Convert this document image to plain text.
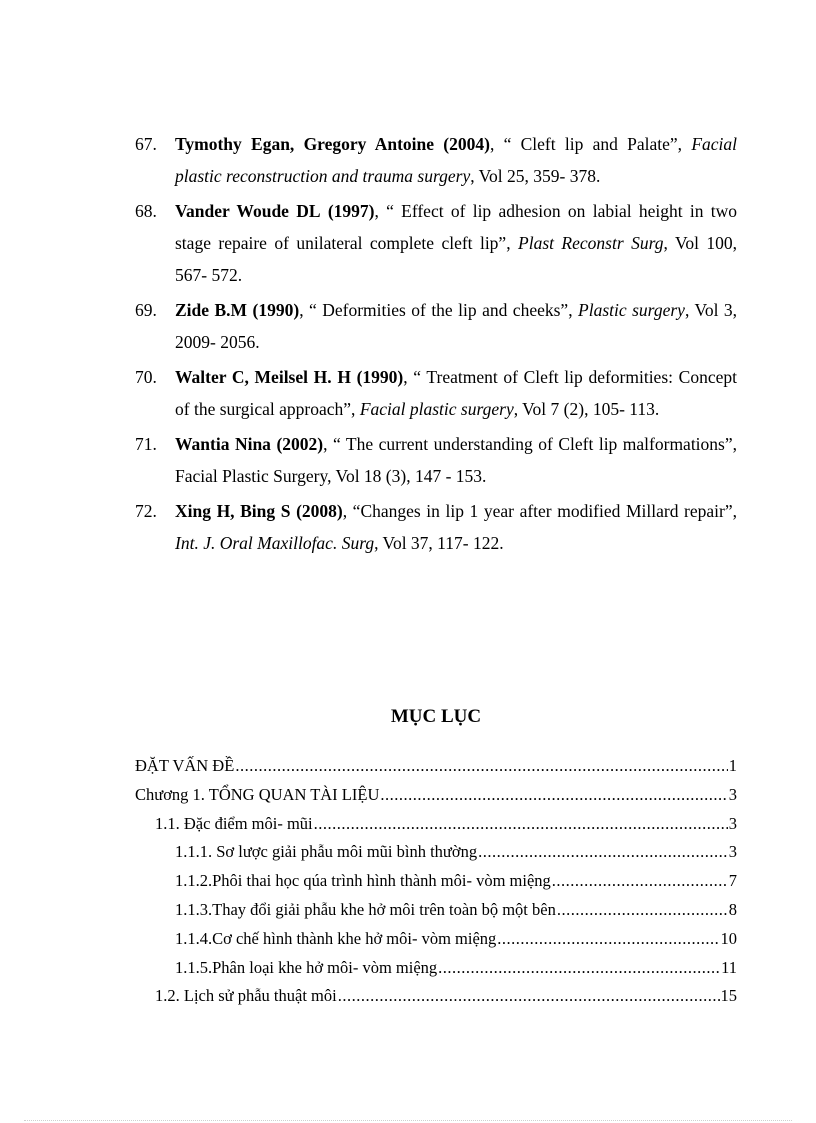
67. Tymothy Egan, Gregory Antoine (2004), “ Cleft lip and Palate”, Facial plastic reconstruction and trauma surgery, Vol 25, 359- 378.
68. Vander Woude DL (1997), “ Effect of lip adhesion on labial height in two stage repaire of unilateral complete cleft lip”, Plast Reconstr Surg, Vol 100, 567- 572.
69. Zide B.M (1990), “ Deformities of the lip and cheeks”, Plastic surgery, Vol 3, 2009- 2056.
70. Walter C, Meilsel H. H (1990), “ Treatment of Cleft lip deformities: Concept of the surgical approach”, Facial plastic surgery, Vol 7 (2), 105- 113.
71. Wantia Nina (2002), “ The current understanding of Cleft lip malformations”, Facial Plastic Surgery, Vol 18 (3), 147 - 153.
72. Xing H, Bing S (2008), “Changes in lip 1 year after modified Millard repair”, Int. J. Oral Maxillofac. Surg, Vol 37, 117- 122.
MỤC LỤC
ĐẶT VẤN ĐỀ .....	1
Chương 1. TỔNG QUAN TÀI LIỆU .....	3
1.1. Đặc điểm môi- mũi .....	3
1.1.1. Sơ lược giải phẫu môi mũi bình thường .....	3
1.1.2.Phôi thai học qúa trình hình thành môi- vòm miệng .....	7
1.1.3.Thay đổi giải phẫu khe hở môi trên toàn bộ một bên .....	8
1.1.4.Cơ chế hình thành khe hở môi- vòm miệng .....	10
1.1.5.Phân loại khe hở môi- vòm miệng .....	11
1.2. Lịch sử phẫu thuật môi .....	15
